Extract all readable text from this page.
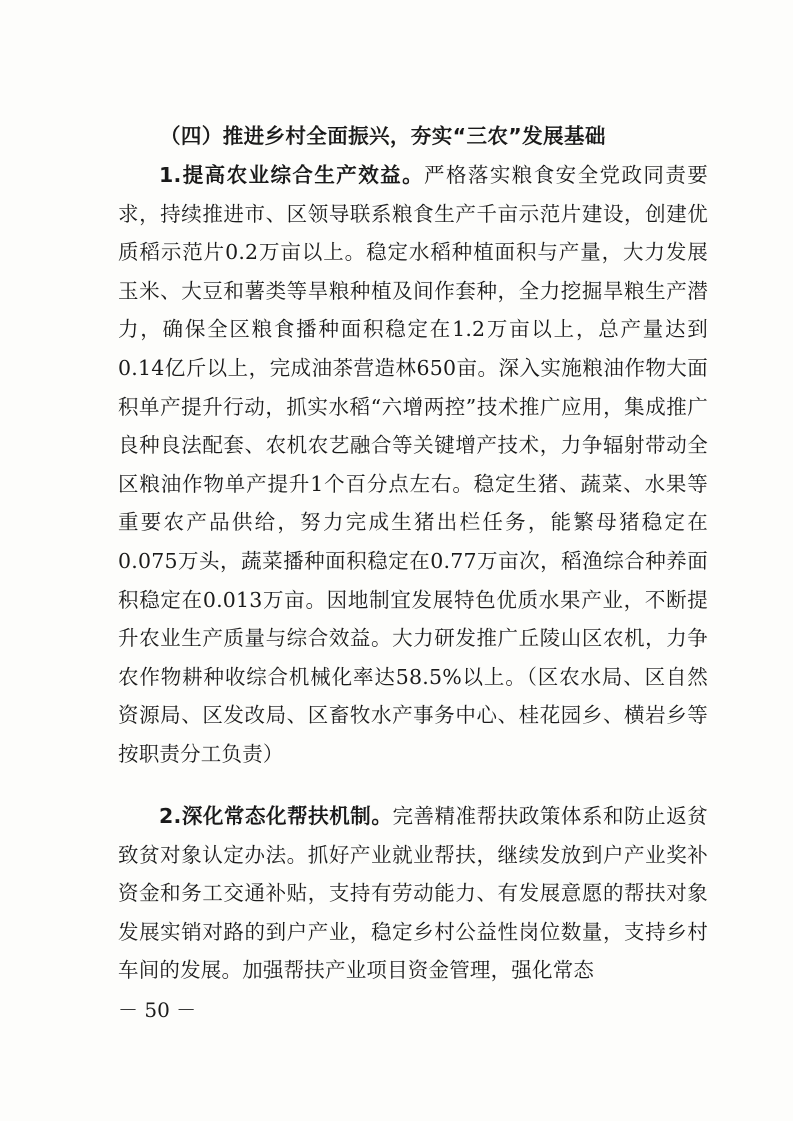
（四）推进乡村全面振兴，夯实“三农”发展基础

1.提高农业综合生产效益。严格落实粮食安全党政同责要求，持续推进市、区领导联系粮食生产千亩示范片建设，创建优质稻示范片0.2万亩以上。稳定水稻种植面积与产量，大力发展玉米、大豆和薯类等旱粮种植及间作套种，全力挖掘旱粮生产潜力，确保全区粮食播种面积稳定在1.2万亩以上，总产量达到0.14亿斤以上，完成油茶营造林650亩。深入实施粮油作物大面积单产提升行动，抓实水稻“六增两控”技术推广应用，集成推广良种良法配套、农机农艺融合等关键增产技术，力争辐射带动全区粮油作物单产提升1个百分点左右。稳定生猪、蔬菜、水果等重要农产品供给，努力完成生猪出栏任务，能繁母猪稳定在0.075万头，蔬菜播种面积稳定在0.77万亩次，稻渔综合种养面积稳定在0.013万亩。因地制宜发展特色优质水果产业，不断提升农业生产质量与综合效益。大力研发推广丘陵山区农机，力争农作物耕种收综合机械化率达58.5%以上。（区农水局、区自然资源局、区发改局、区畜牧水产事务中心、桂花园乡、横岩乡等按职责分工负责）

2.深化常态化帮扶机制。完善精准帮扶政策体系和防止返贫致贫对象认定办法。抓好产业就业帮扶，继续发放到户产业奖补资金和务工交通补贴，支持有劳动能力、有发展意愿的帮扶对象发展实销对路的到户产业，稳定乡村公益性岗位数量，支持乡村车间的发展。加强帮扶产业项目资金管理，强化常态

－ 50 －
